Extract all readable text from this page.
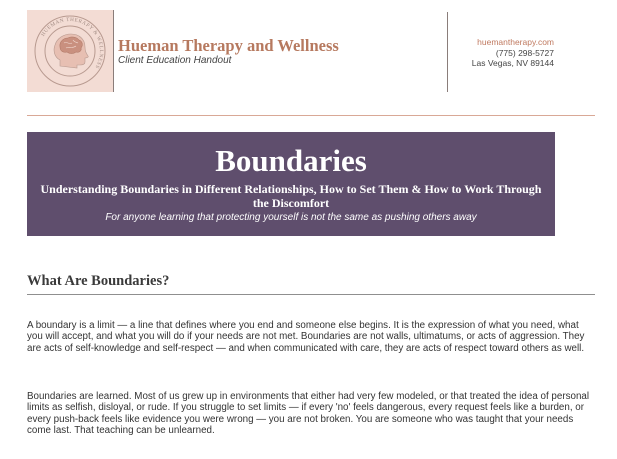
HUEMAN THERAPY & WELLNESS
Hueman Therapy and Wellness
Client Education Handout
huemantherapy.com
(775) 298-5727
Las Vegas, NV 89144
Boundaries
Understanding Boundaries in Different Relationships, How to Set Them & How to Work Through the Discomfort
For anyone learning that protecting yourself is not the same as pushing others away
What Are Boundaries?
A boundary is a limit — a line that defines where you end and someone else begins. It is the expression of what you need, what you will accept, and what you will do if your needs are not met. Boundaries are not walls, ultimatums, or acts of aggression. They are acts of self-knowledge and self-respect — and when communicated with care, they are acts of respect toward others as well.
Boundaries are learned. Most of us grew up in environments that either had very few modeled, or that treated the idea of personal limits as selfish, disloyal, or rude. If you struggle to set limits — if every 'no' feels dangerous, every request feels like a burden, or every push-back feels like evidence you were wrong — you are not broken. You are someone who was taught that your needs come last. That teaching can be unlearned.
